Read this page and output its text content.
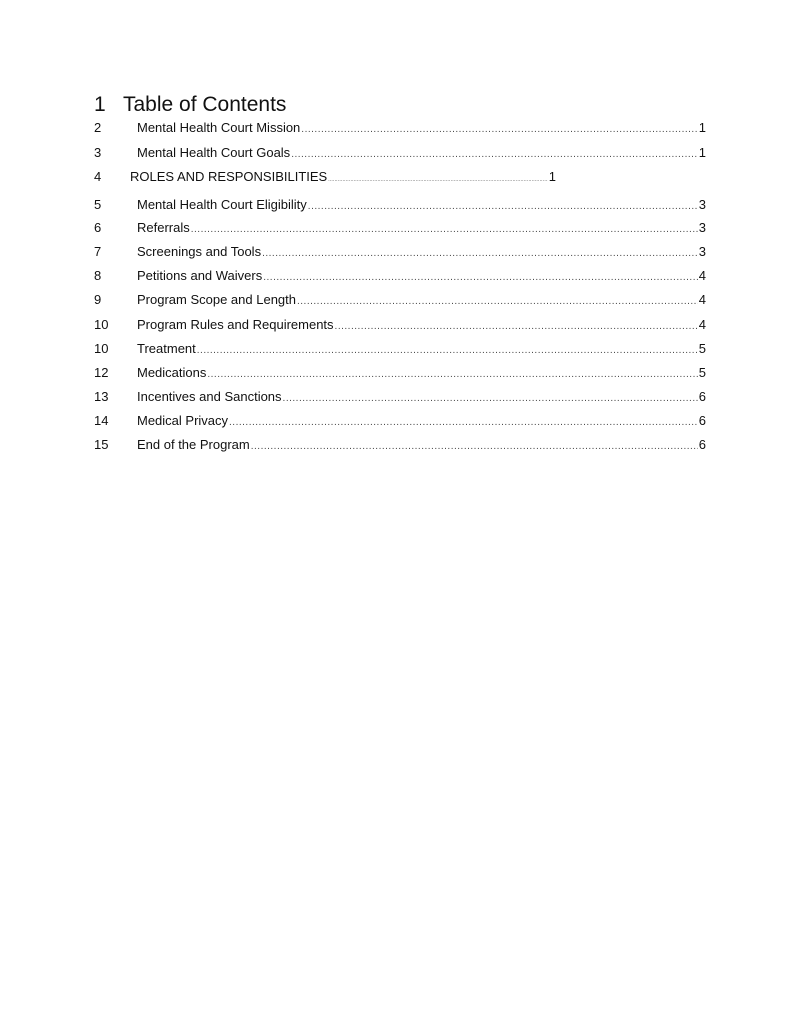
1 Table of Contents
2	Mental Health Court Mission .....	1
3	Mental Health Court Goals .....	1
4 ROLES AND RESPONSIBILITIES .....	1
5	Mental Health Court Eligibility .....	3
6	Referrals .....	3
7	Screenings and Tools .....	3
8	Petitions and Waivers .....	4
9	Program Scope and Length .....	4
10 Program Rules and Requirements .....	4
10 Treatment .....	5
12 Medications .....	5
13 Incentives and Sanctions .....	6
14 Medical Privacy .....	6
15 End of the Program .....	6
